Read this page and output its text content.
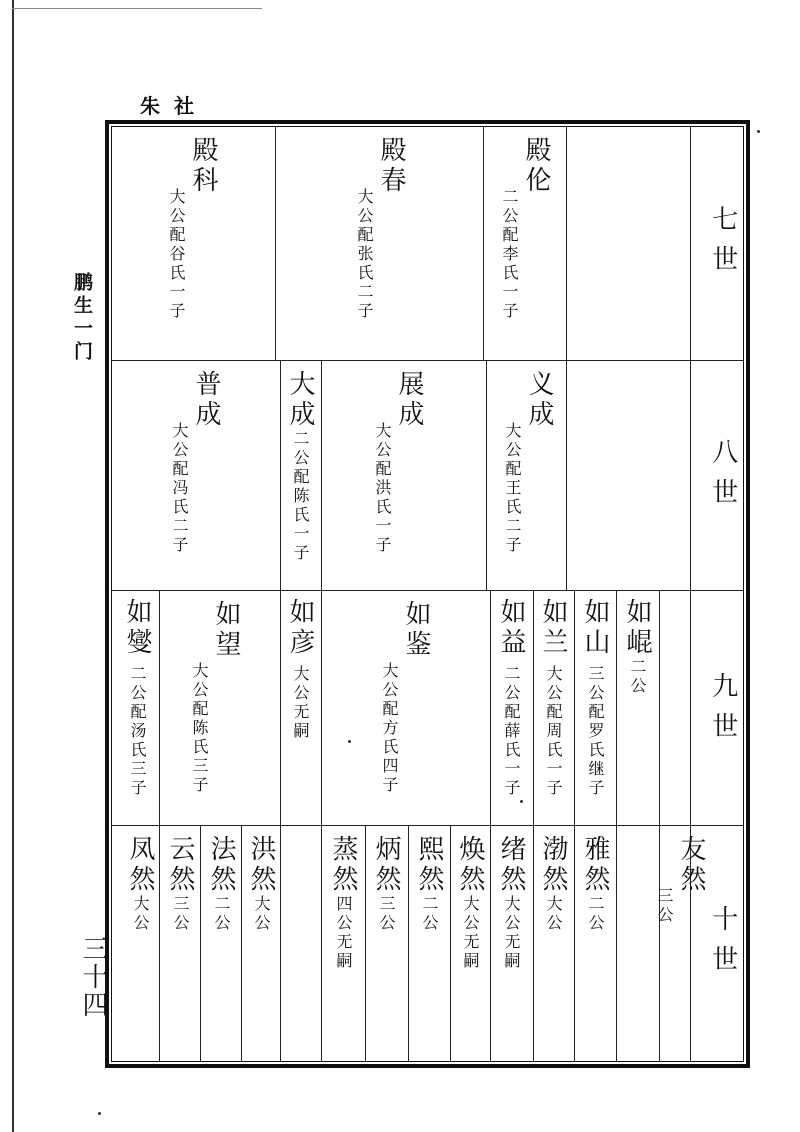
朱社
鹏生一门
三十四
七世
八世
九世
十世
殿伦
二公配李氏一子
殿春
大公配张氏二子
殿科
大公配谷氏一子
义成
大公配王氏二子
展成
大公配洪氏一子
大成
二公配陈氏一子
普成
大公配冯氏二子
如崐
二公
如山
三公配罗氏继子
如兰
大公配周氏一子
如益
二公配薛氏一子
如鉴
大公配方氏四子
如彦
大公无嗣
如望
大公配陈氏三子
如燮
二公配汤氏三子
友然
三公
雅然
二公
渤然
大公
绪然
大公无嗣
焕然
大公无嗣
熙然
二公
炳然
三公
蒸然
四公无嗣
洪然
大公
法然
二公
云然
三公
凤然
大公
